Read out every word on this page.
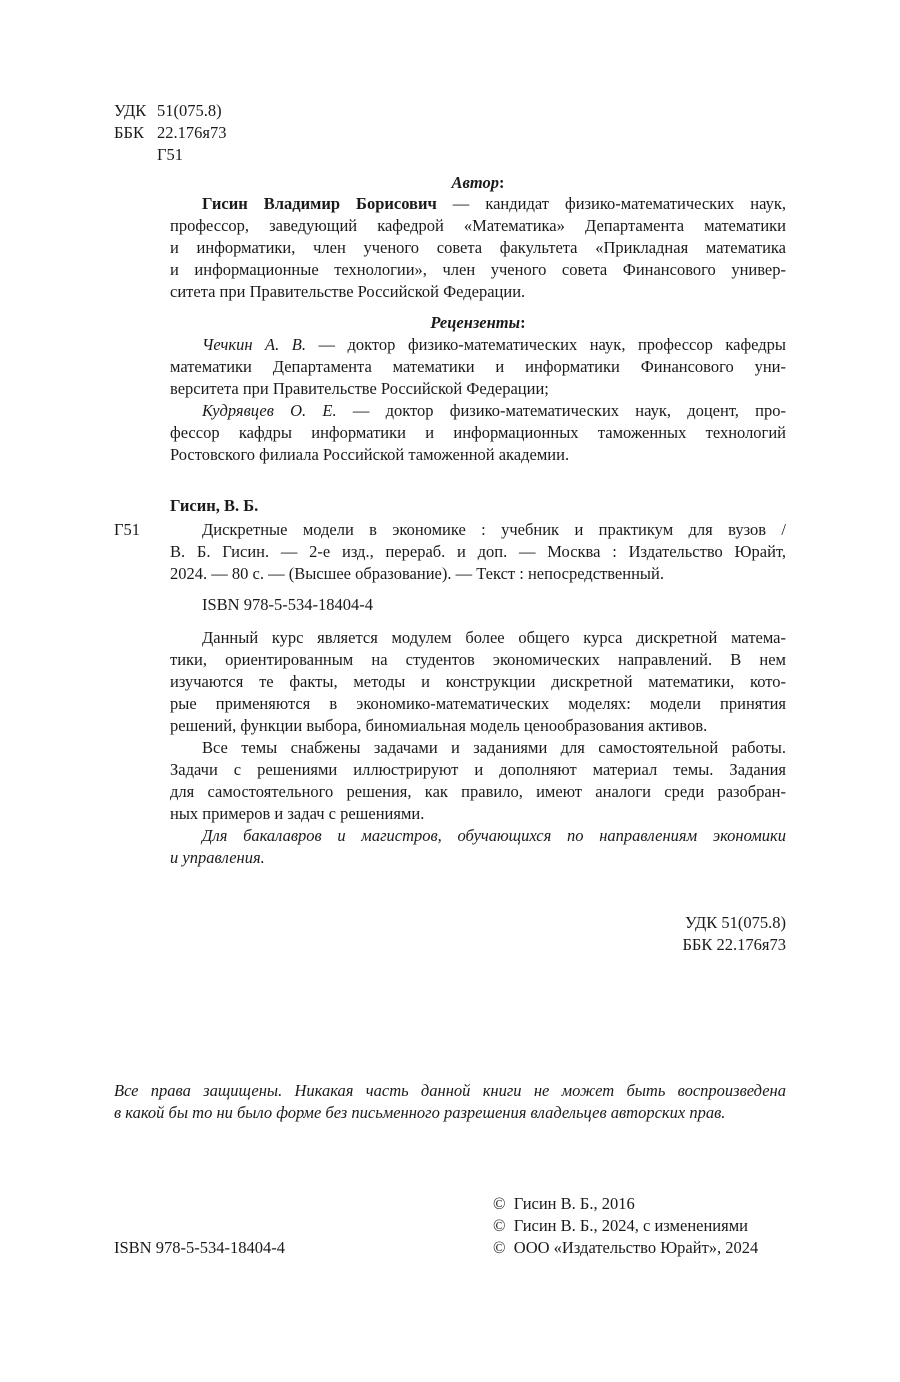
УДК 51(075.8)
ББК 22.176я73
Г51
Автор:
Гисин Владимир Борисович — кандидат физико-математических наук,
профессор, заведующий кафедрой «Математика» Департамента математики
и информатики, член ученого совета факультета «Прикладная математика
и информационные технологии», член ученого совета Финансового универ-
ситета при Правительстве Российской Федерации.
Рецензенты:
Чечкин А. В. — доктор физико-математических наук, профессор кафедры
математики Департамента математики и информатики Финансового уни-
верситета при Правительстве Российской Федерации;
Кудрявцев О. Е. — доктор физико-математических наук, доцент, про-
фессор кафдры информатики и информационных таможенных технологий
Ростовского филиала Российской таможенной академии.
Гисин, В. Б.
Г51	Дискретные модели в экономике : учебник и практикум для вузов /
В. Б. Гисин. — 2-е изд., перераб. и доп. — Москва : Издательство Юрайт,
2024. — 80 с. — (Высшее образование). — Текст : непосредственный.
ISBN 978-5-534-18404-4
Данный курс является модулем более общего курса дискретной матема-
тики, ориентированным на студентов экономических направлений. В нем
изучаются те факты, методы и конструкции дискретной математики, кото-
рые применяются в экономико-математических моделях: модели принятия
решений, функции выбора, биномиальная модель ценообразования активов.
Все темы снабжены задачами и заданиями для самостоятельной работы.
Задачи с решениями иллюстрируют и дополняют материал темы. Задания
для самостоятельного решения, как правило, имеют аналоги среди разобран-
ных примеров и задач с решениями.
Для бакалавров и магистров, обучающихся по направлениям экономики
и управления.
УДК 51(075.8)
ББК 22.176я73
Все права защищены. Никакая часть данной книги не может быть воспроизведена
в какой бы то ни было форме без письменного разрешения владельцев авторских прав.
ISBN 978-5-534-18404-4
©  Гисин В. Б., 2016
©  Гисин В. Б., 2024, с изменениями
©  ООО «Издательство Юрайт», 2024
